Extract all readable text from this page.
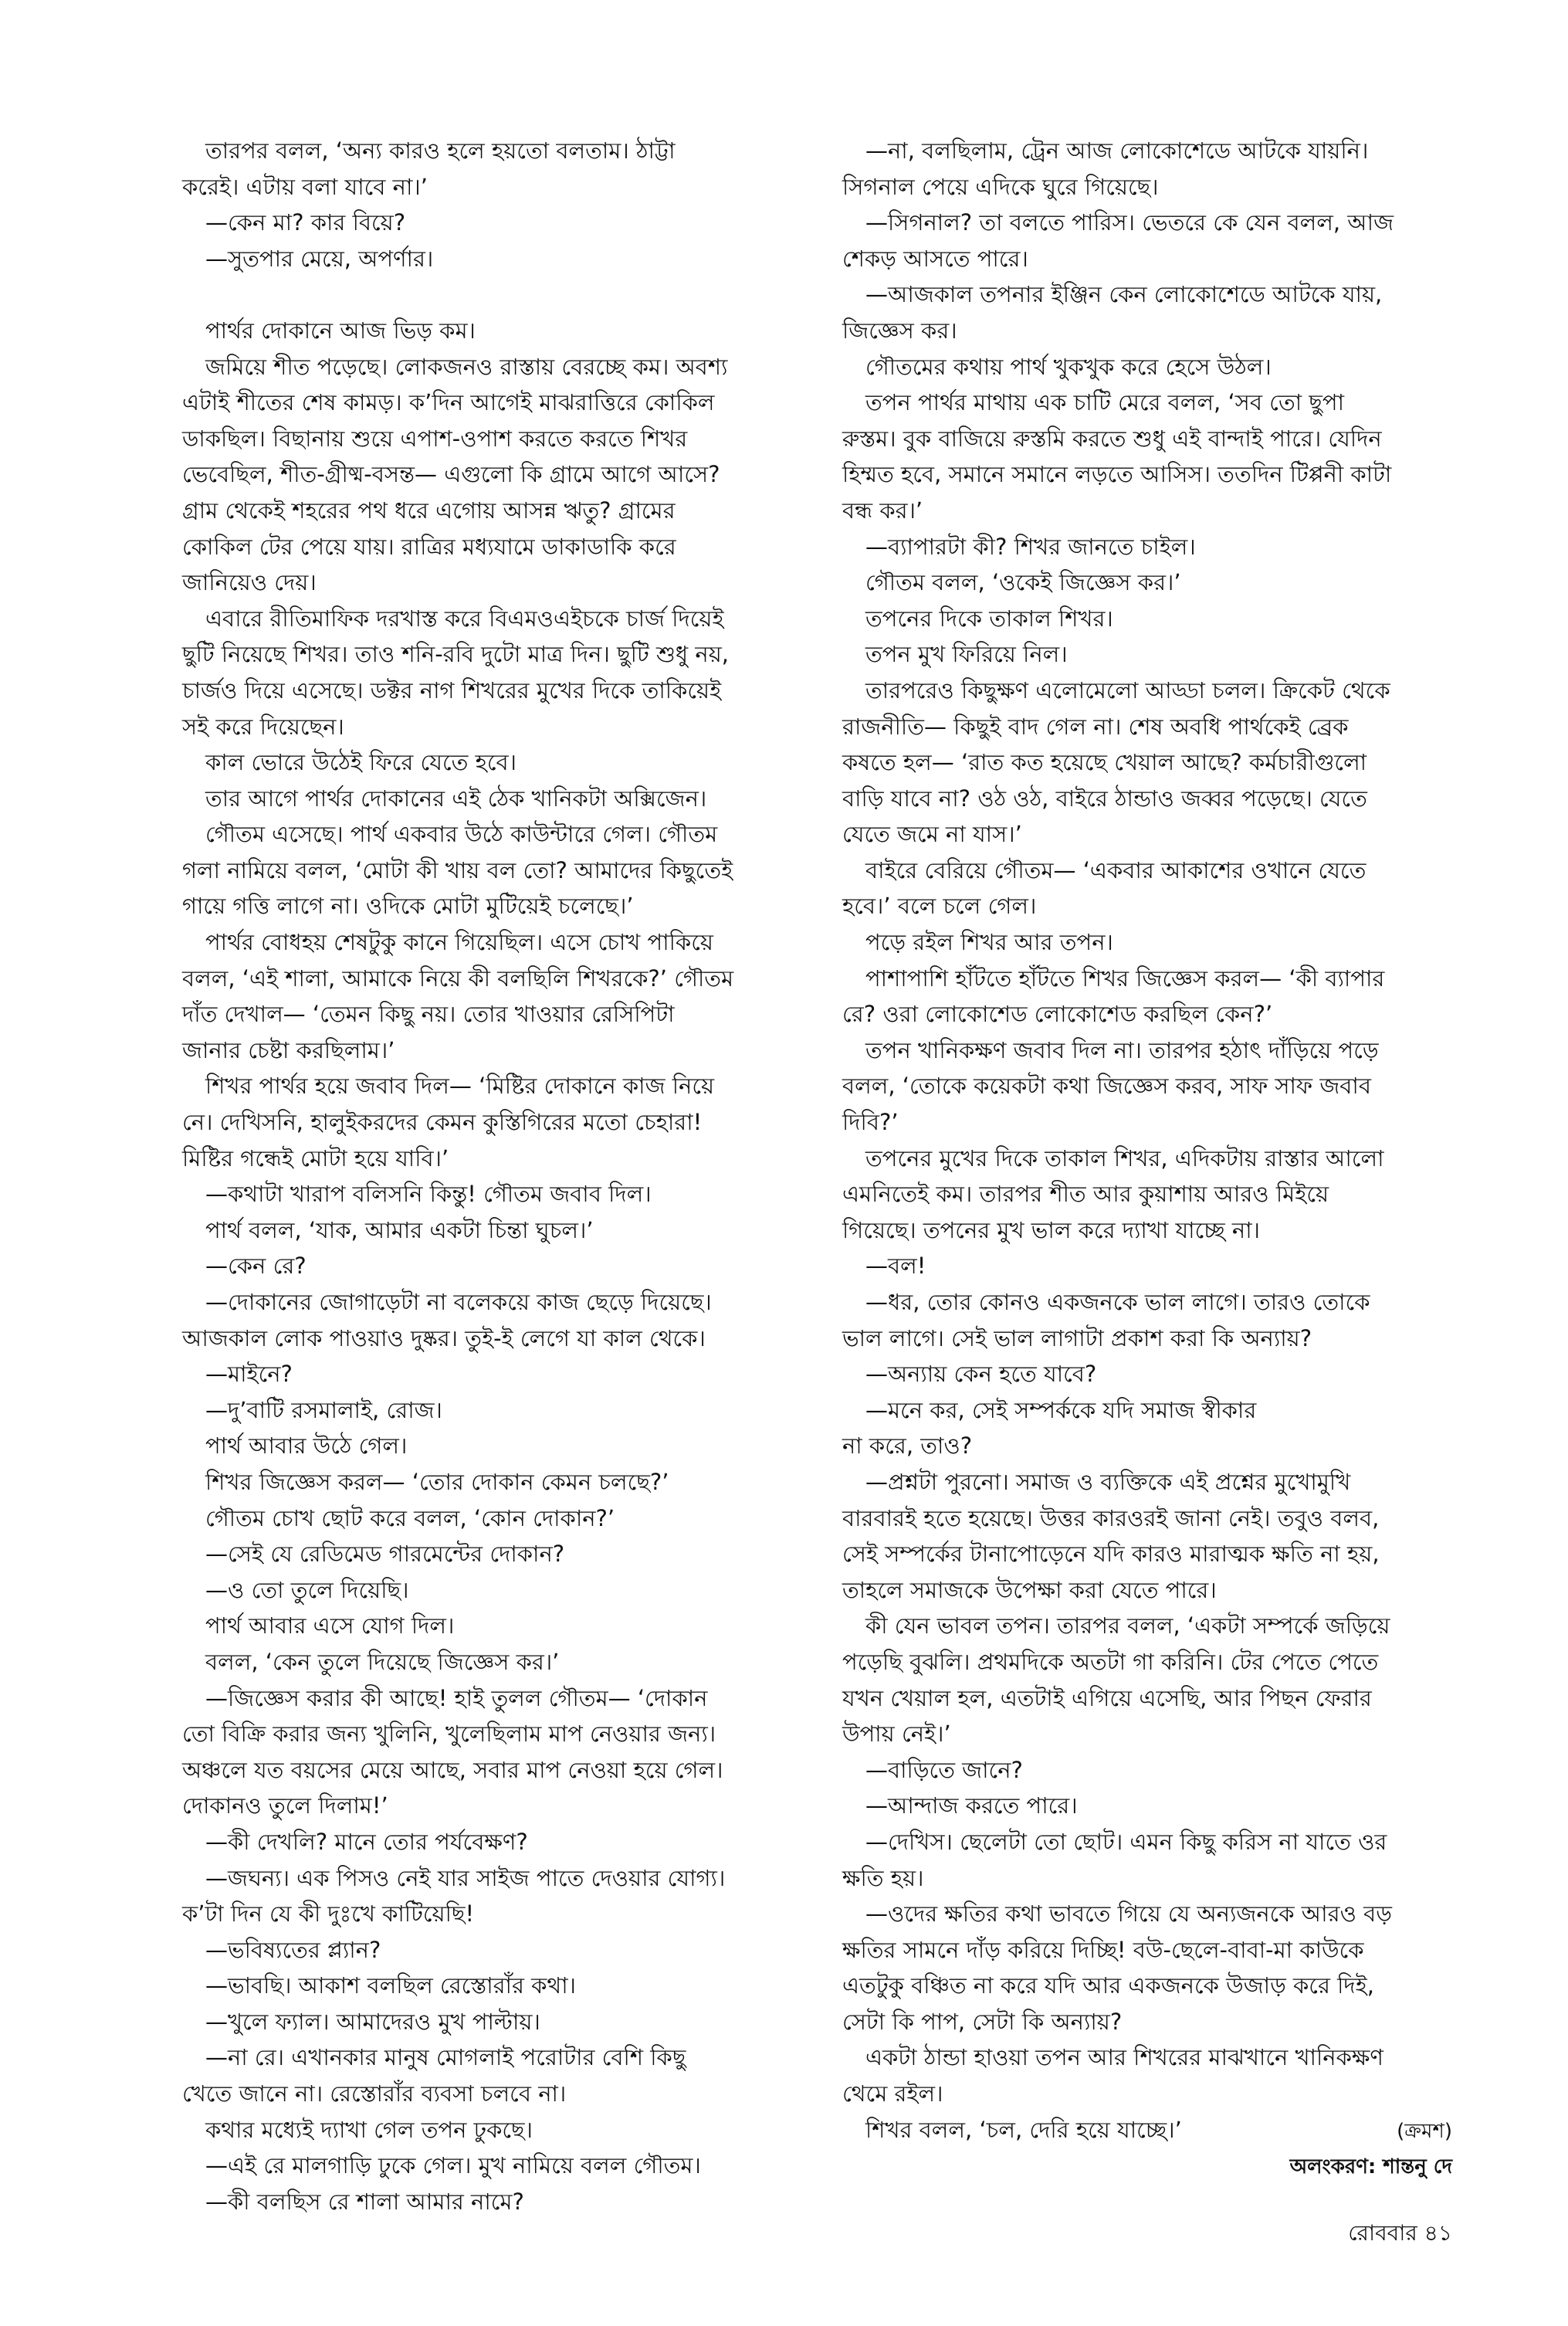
তারপর বলল, ‘অন্য কারও হলে হয়তো বলতাম। ঠাট্টা
করেই। এটায় বলা যাবে না।’
—কেন মা? কার বিয়ে?
—সুতপার মেয়ে, অপর্ণার।
পার্থর দোকানে আজ ভিড় কম।
জমিয়ে শীত পড়েছে। লোকজনও রাস্তায় বেরচ্ছে কম। অবশ্য
এটাই শীতের শেষ কামড়। ক’দিন আগেই মাঝরাত্তিরে কোকিল
ডাকছিল। বিছানায় শুয়ে এপাশ-ওপাশ করতে করতে শিখর
ভেবেছিল, শীত-গ্রীষ্ম-বসন্ত— এগুলো কি গ্রামে আগে আসে?
গ্রাম থেকেই শহরের পথ ধরে এগোয় আসন্ন ঋতু? গ্রামের
কোকিল টের পেয়ে যায়। রাত্রির মধ্যযামে ডাকাডাকি করে
জানিয়েও দেয়।
এবারে রীতিমাফিক দরখাস্ত করে বিএমওএইচকে চার্জ দিয়েই
ছুটি নিয়েছে শিখর। তাও শনি-রবি দুটো মাত্র দিন। ছুটি শুধু নয়,
চার্জও দিয়ে এসেছে। ডক্টর নাগ শিখরের মুখের দিকে তাকিয়েই
সই করে দিয়েছেন।
কাল ভোরে উঠেই ফিরে যেতে হবে।
তার আগে পার্থর দোকানের এই ঠেক খানিকটা অক্সিজেন।
গৌতম এসেছে। পার্থ একবার উঠে কাউন্টারে গেল। গৌতম
গলা নামিয়ে বলল, ‘মোটা কী খায় বল তো? আমাদের কিছুতেই
গায়ে গত্তি লাগে না। ওদিকে মোটা মুটিয়েই চলেছে।’
পার্থর বোধহয় শেষটুকু কানে গিয়েছিল। এসে চোখ পাকিয়ে
বলল, ‘এই শালা, আমাকে নিয়ে কী বলছিলি শিখরকে?’ গৌতম
দাঁত দেখাল— ‘তেমন কিছু নয়। তোর খাওয়ার রেসিপিটা
জানার চেষ্টা করছিলাম।’
শিখর পার্থর হয়ে জবাব দিল— ‘মিষ্টির দোকানে কাজ নিয়ে
নে। দেখিসনি, হালুইকরদের কেমন কুস্তিগিরের মতো চেহারা!
মিষ্টির গন্ধেই মোটা হয়ে যাবি।’
—কথাটা খারাপ বলিসনি কিন্তু! গৌতম জবাব দিল।
পার্থ বলল, ‘যাক, আমার একটা চিন্তা ঘুচল।’
—কেন রে?
—দোকানের জোগাড়েটা না বলেকয়ে কাজ ছেড়ে দিয়েছে।
আজকাল লোক পাওয়াও দুষ্কর। তুই-ই লেগে যা কাল থেকে।
—মাইনে?
—দু’বাটি রসমালাই, রোজ।
পার্থ আবার উঠে গেল।
শিখর জিজ্ঞেস করল— ‘তোর দোকান কেমন চলছে?’
গৌতম চোখ ছোট করে বলল, ‘কোন দোকান?’
—সেই যে রেডিমেড গারমেন্টের দোকান?
—ও তো তুলে দিয়েছি।
পার্থ আবার এসে যোগ দিল।
বলল, ‘কেন তুলে দিয়েছে জিজ্ঞেস কর।’
—জিজ্ঞেস করার কী আছে! হাই তুলল গৌতম— ‘দোকান
তো বিক্রি করার জন্য খুলিনি, খুলেছিলাম মাপ নেওয়ার জন্য।
অঞ্চলে যত বয়সের মেয়ে আছে, সবার মাপ নেওয়া হয়ে গেল।
দোকানও তুলে দিলাম!’
—কী দেখলি? মানে তোর পর্যবেক্ষণ?
—জঘন্য। এক পিসও নেই যার সাইজ পাতে দেওয়ার যোগ্য।
ক’টা দিন যে কী দুঃখে কাটিয়েছি!
—ভবিষ্যতের প্ল্যান?
—ভাবছি। আকাশ বলছিল রেস্তোরাঁর কথা।
—খুলে ফ্যাল। আমাদেরও মুখ পাল্টায়।
—না রে। এখানকার মানুষ মোগলাই পরোটার বেশি কিছু
খেতে জানে না। রেস্তোরাঁর ব্যবসা চলবে না।
কথার মধ্যেই দ্যাখা গেল তপন ঢুকছে।
—এই রে মালগাড়ি ঢুকে গেল। মুখ নামিয়ে বলল গৌতম।
—কী বলছিস রে শালা আমার নামে?
—না, বলছিলাম, ট্রেন আজ লোকোশেডে আটকে যায়নি।
সিগনাল পেয়ে এদিকে ঘুরে গিয়েছে।
—সিগনাল? তা বলতে পারিস। ভেতরে কে যেন বলল, আজ
শেকড় আসতে পারে।
—আজকাল তপনার ইঞ্জিন কেন লোকোশেডে আটকে যায়,
জিজ্ঞেস কর।
গৌতমের কথায় পার্থ খুকখুক করে হেসে উঠল।
তপন পার্থর মাথায় এক চাটি মেরে বলল, ‘সব তো ছুপা
রুস্তম। বুক বাজিয়ে রুস্তমি করতে শুধু এই বান্দাই পারে। যেদিন
হিম্মত হবে, সমানে সমানে লড়তে আসিস। ততদিন টিপ্পনী কাটা
বন্ধ কর।’
—ব্যাপারটা কী? শিখর জানতে চাইল।
গৌতম বলল, ‘ওকেই জিজ্ঞেস কর।’
তপনের দিকে তাকাল শিখর।
তপন মুখ ফিরিয়ে নিল।
তারপরেও কিছুক্ষণ এলোমেলো আড্ডা চলল। ক্রিকেট থেকে
রাজনীতি— কিছুই বাদ গেল না। শেষ অবধি পার্থকেই ব্রেক
কষতে হল— ‘রাত কত হয়েছে খেয়াল আছে? কর্মচারীগুলো
বাড়ি যাবে না? ওঠ ওঠ, বাইরে ঠান্ডাও জব্বর পড়েছে। যেতে
যেতে জমে না যাস।’
বাইরে বেরিয়ে গৌতম— ‘একবার আকাশের ওখানে যেতে
হবে।’ বলে চলে গেল।
পড়ে রইল শিখর আর তপন।
পাশাপাশি হাঁটতে হাঁটতে শিখর জিজ্ঞেস করল— ‘কী ব্যাপার
রে? ওরা লোকোশেড লোকোশেড করছিল কেন?’
তপন খানিকক্ষণ জবাব দিল না। তারপর হঠাৎ দাঁড়িয়ে পড়ে
বলল, ‘তোকে কয়েকটা কথা জিজ্ঞেস করব, সাফ সাফ জবাব
দিবি?’
তপনের মুখের দিকে তাকাল শিখর, এদিকটায় রাস্তার আলো
এমনিতেই কম। তারপর শীত আর কুয়াশায় আরও মিইয়ে
গিয়েছে। তপনের মুখ ভাল করে দ্যাখা যাচ্ছে না।
—বল!
—ধর, তোর কোনও একজনকে ভাল লাগে। তারও তোকে
ভাল লাগে। সেই ভাল লাগাটা প্রকাশ করা কি অন্যায়?
—অন্যায় কেন হতে যাবে?
—মনে কর, সেই সম্পর্ককে যদি সমাজ স্বীকার
না করে, তাও?
—প্রশ্নটা পুরনো। সমাজ ও ব্যক্তিকে এই প্রশ্নের মুখোমুখি
বারবারই হতে হয়েছে। উত্তর কারওরই জানা নেই। তবুও বলব,
সেই সম্পর্কের টানাপোড়েনে যদি কারও মারাত্মক ক্ষতি না হয়,
তাহলে সমাজকে উপেক্ষা করা যেতে পারে।
কী যেন ভাবল তপন। তারপর বলল, ‘একটা সম্পর্কে জড়িয়ে
পড়েছি বুঝলি। প্রথমদিকে অতটা গা করিনি। টের পেতে পেতে
যখন খেয়াল হল, এতটাই এগিয়ে এসেছি, আর পিছন ফেরার
উপায় নেই।’
—বাড়িতে জানে?
—আন্দাজ করতে পারে।
—দেখিস। ছেলেটা তো ছোট। এমন কিছু করিস না যাতে ওর
ক্ষতি হয়।
—ওদের ক্ষতির কথা ভাবতে গিয়ে যে অন্যজনকে আরও বড়
ক্ষতির সামনে দাঁড় করিয়ে দিচ্ছি! বউ-ছেলে-বাবা-মা কাউকে
এতটুকু বঞ্চিত না করে যদি আর একজনকে উজাড় করে দিই,
সেটা কি পাপ, সেটা কি অন্যায়?
একটা ঠান্ডা হাওয়া তপন আর শিখরের মাঝখানে খানিকক্ষণ
থেমে রইল।
শিখর বলল, ‘চল, দেরি হয়ে যাচ্ছে।’	(ক্রমশ)
অলংকরণ: শান্তনু দে
রোববার ৪১
